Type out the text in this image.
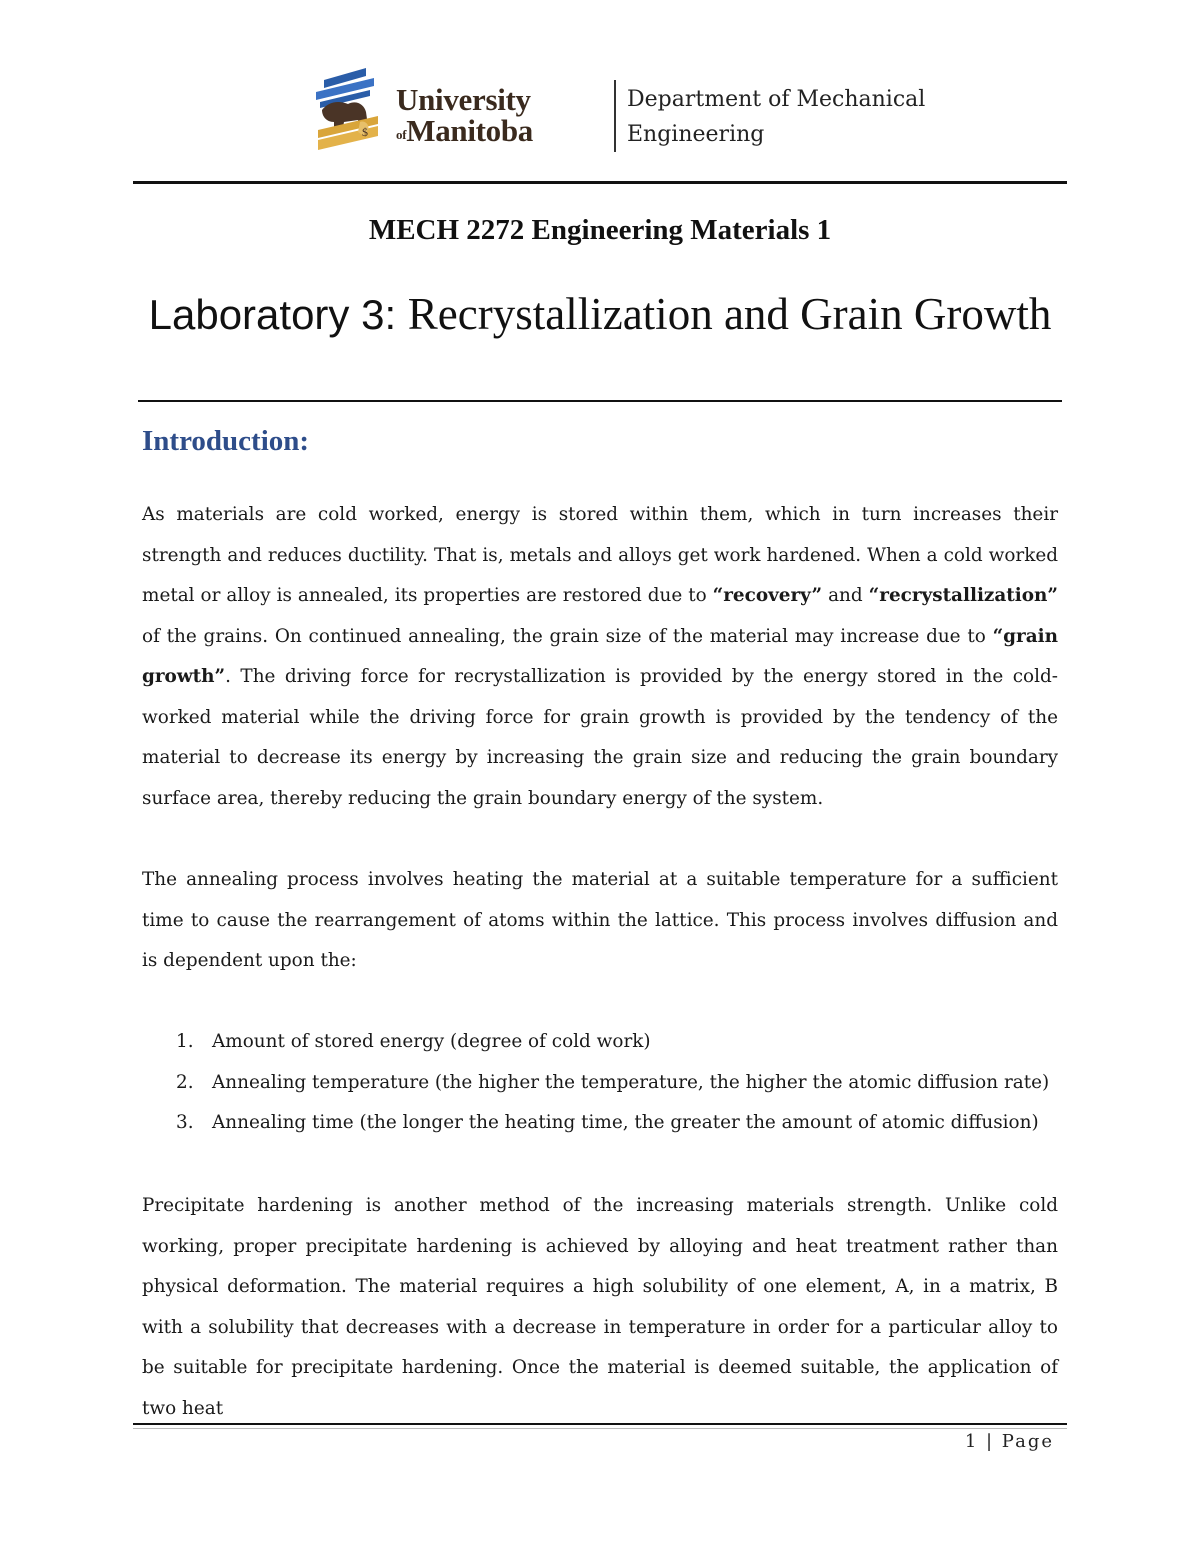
$
University
ofManitoba
Department of Mechanical
Engineering
MECH 2272 Engineering Materials 1
Laboratory 3: Recrystallization and Grain Growth
Introduction:

As materials are cold worked, energy is stored within them, which in turn increases their strength and reduces ductility. That is, metals and alloys get work hardened. When a cold worked metal or alloy is annealed, its properties are restored due to “recovery” and “recrystallization” of the grains. On continued annealing, the grain size of the material may increase due to “grain growth”. The driving force for recrystallization is provided by the energy stored in the cold-worked material while the driving force for grain growth is provided by the tendency of the material to decrease its energy by increasing the grain size and reducing the grain boundary surface area, thereby reducing the grain boundary energy of the system.

The annealing process involves heating the material at a suitable temperature for a sufficient time to cause the rearrangement of atoms within the lattice. This process involves diffusion and is dependent upon the:

1.	Amount of stored energy (degree of cold work)
2.	Annealing temperature (the higher the temperature, the higher the atomic diffusion rate)
3.	Annealing time (the longer the heating time, the greater the amount of atomic diffusion)

Precipitate hardening is another method of the increasing materials strength. Unlike cold working, proper precipitate hardening is achieved by alloying and heat treatment rather than physical deformation. The material requires a high solubility of one element, A, in a matrix, B with a solubility that decreases with a decrease in temperature in order for a particular alloy to be suitable for precipitate hardening. Once the material is deemed suitable, the application of two heat

1 | Page
